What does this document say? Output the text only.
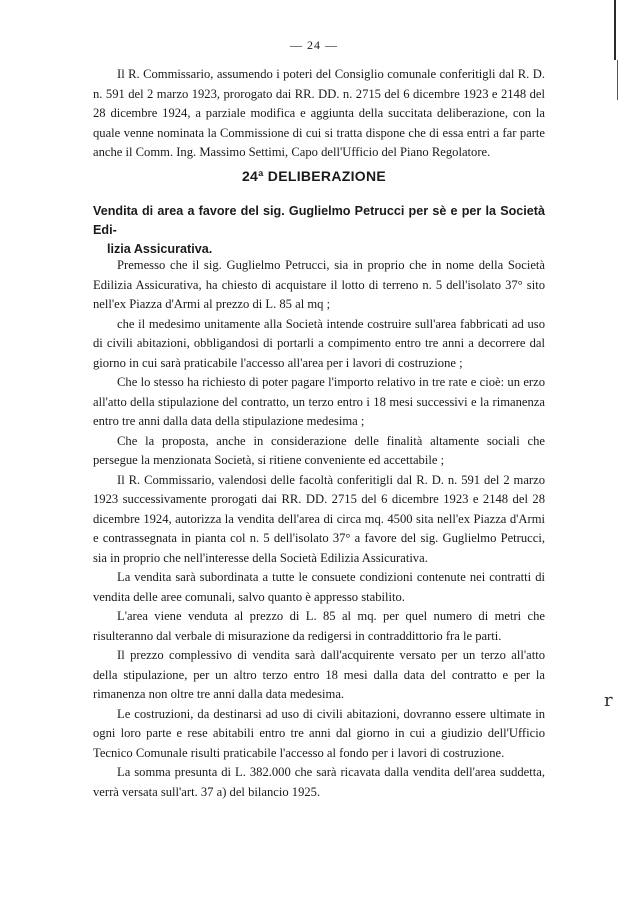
— 24 —

Il R. Commissario, assumendo i poteri del Consiglio comunale conferitigli dal R. D. n. 591 del 2 marzo 1923, prorogato dai RR. DD. n. 2715 del 6 dicembre 1923 e 2148 del 28 dicembre 1924, a parziale modifica e aggiunta della succitata deliberazione, con la quale venne nominata la Commissione di cui si tratta dispone che di essa entri a far parte anche il Comm. Ing. Massimo Settimi, Capo dell'Ufficio del Piano Regolatore.

24ª DELIBERAZIONE
Vendita di area a favore del sig. Guglielmo Petrucci per sè e per la Società Edi-
lizia Assicurativa.

Premesso che il sig. Guglielmo Petrucci, sia in proprio che in nome della Società Edilizia Assicurativa, ha chiesto di acquistare il lotto di terreno n. 5 dell'isolato 37° sito nell'ex Piazza d'Armi al prezzo di L. 85 al mq ;

che il medesimo unitamente alla Società intende costruire sull'area fabbricati ad uso di civili abitazioni, obbligandosi di portarli a compimento entro tre anni a decorrere dal giorno in cui sarà praticabile l'accesso all'area per i lavori di costruzione ;

Che lo stesso ha richiesto di poter pagare l'importo relativo in tre rate e cioè: un erzo all'atto della stipulazione del contratto, un terzo entro i 18 mesi successivi e la rimanenza entro tre anni dalla data della stipulazione medesima ;

Che la proposta, anche in considerazione delle finalità altamente sociali che persegue la menzionata Società, si ritiene conveniente ed accettabile ;

Il R. Commissario, valendosi delle facoltà conferitigli dal R. D. n. 591 del 2 marzo 1923 successivamente prorogati dai RR. DD. 2715 del 6 dicembre 1923 e 2148 del 28 dicembre 1924, autorizza la vendita dell'area di circa mq. 4500 sita nell'ex Piazza d'Armi e contrassegnata in pianta col n. 5 dell'isolato 37° a favore del sig. Guglielmo Petrucci, sia in proprio che nell'interesse della Società Edilizia Assicurativa.

La vendita sarà subordinata a tutte le consuete condizioni contenute nei contratti di vendita delle aree comunali, salvo quanto è appresso stabilito.

L'area viene venduta al prezzo di L. 85 al mq. per quel numero di metri che risulteranno dal verbale di misurazione da redigersi in contraddittorio fra le parti.

Il prezzo complessivo di vendita sarà dall'acquirente versato per un terzo all'atto della stipulazione, per un altro terzo entro 18 mesi dalla data del contratto e per la rimanenza non oltre tre anni dalla data medesima.

Le costruzioni, da destinarsi ad uso di civili abitazioni, dovranno essere ultimate in ogni loro parte e rese abitabili entro tre anni dal giorno in cui a giudizio dell'Ufficio Tecnico Comunale risulti praticabile l'accesso al fondo per i lavori di costruzione.

La somma presunta di L. 382.000 che sarà ricavata dalla vendita dell'area suddetta, verrà versata sull'art. 37 a) del bilancio 1925.

r
